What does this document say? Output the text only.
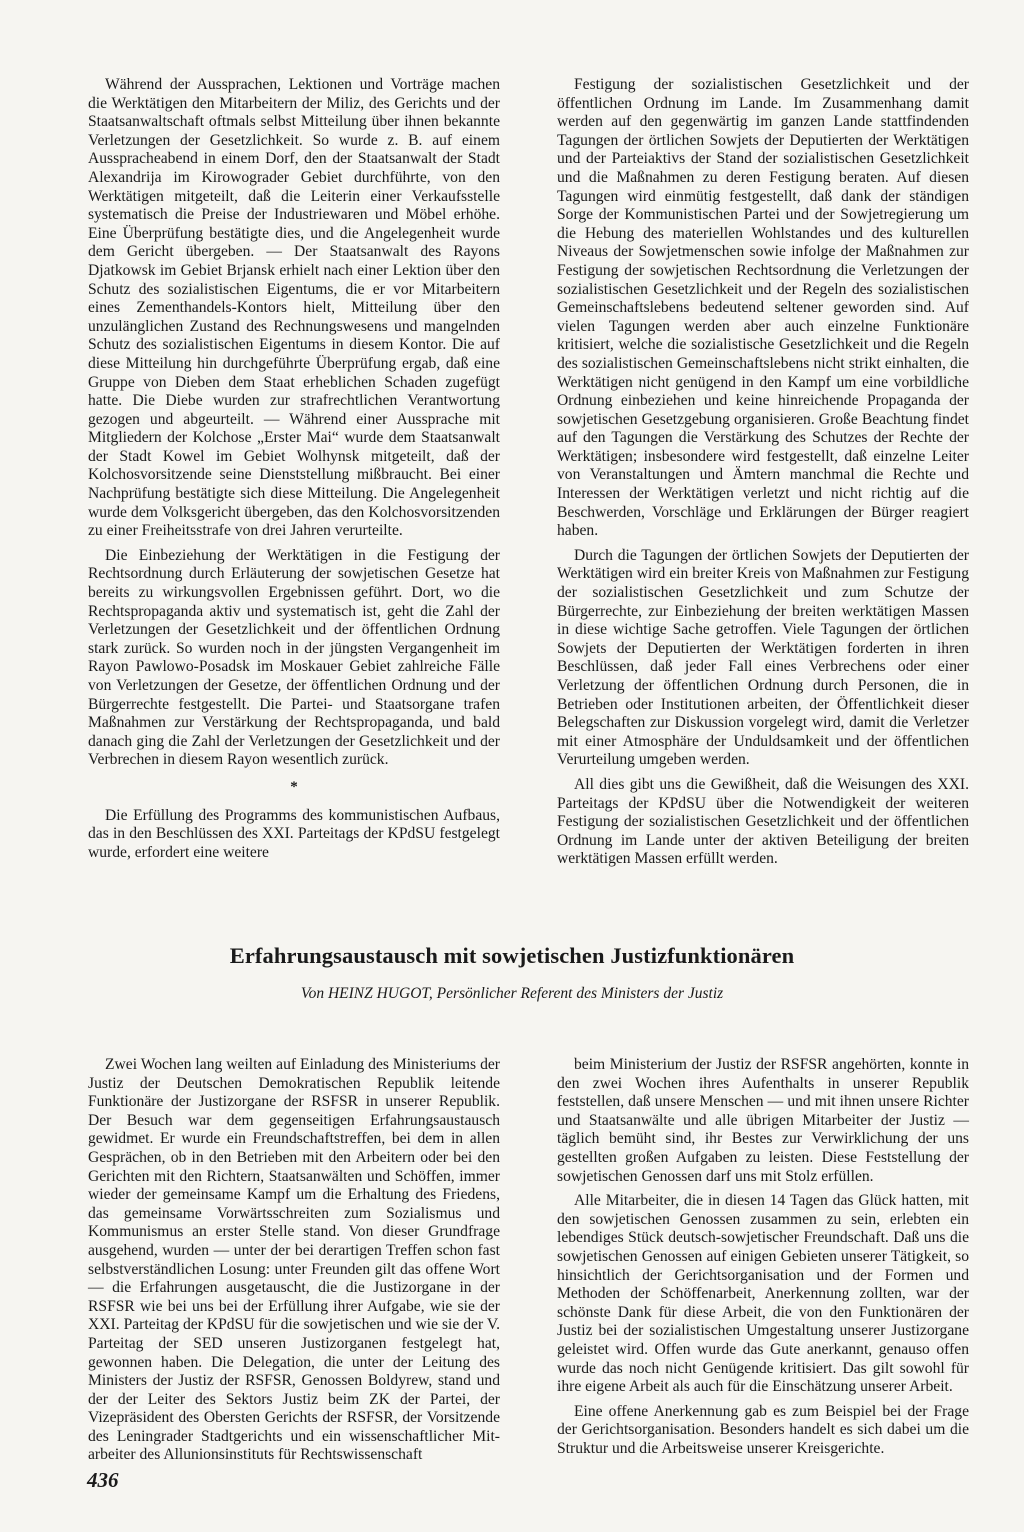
Während der Aussprachen, Lektionen und Vorträge machen die Werktätigen den Mitarbeitern der Miliz, des Gerichts und der Staatsanwaltschaft oftmals selbst Mitteilung über ihnen bekannte Verletzungen der Gesetzlichkeit. So wurde z. B. auf einem Ausspracheabend in einem Dorf, den der Staatsanwalt der Stadt Alexandrija im Kirowograder Gebiet durchführte, von den Werktätigen mitgeteilt, daß die Leiterin einer Verkaufsstelle systematisch die Preise der Industriewaren und Möbel erhöhe. Eine Überprüfung bestätigte dies, und die Angelegenheit wurde dem Gericht übergeben. — Der Staatsanwalt des Rayons Djatkowsk im Gebiet Brjansk erhielt nach einer Lektion über den Schutz des sozialistischen Eigentums, die er vor Mitarbeitern eines Zementhandels-Kontors hielt, Mitteilung über den unzulänglichen Zustand des Rechnungswesens und mangelnden Schutz des sozialistischen Eigentums in diesem Kontor. Die auf diese Mitteilung hin durchgeführte Überprüfung ergab, daß eine Gruppe von Dieben dem Staat erheblichen Schaden zugefügt hatte. Die Diebe wurden zur strafrechtlichen Verantwortung gezogen und abgeurteilt. — Während einer Aussprache mit Mitgliedern der Kolchose „Erster Mai“ wurde dem Staatsanwalt der Stadt Kowel im Gebiet Wolhynsk mitgeteilt, daß der Kolchosvorsitzende seine Dienststellung mißbraucht. Bei einer Nachprüfung bestätigte sich diese Mitteilung. Die Angelegenheit wurde dem Volksgericht übergeben, das den Kolchosvorsitzenden zu einer Freiheitsstrafe von drei Jahren verurteilte.

Die Einbeziehung der Werktätigen in die Festigung der Rechtsordnung durch Erläuterung der sowjetischen Gesetze hat bereits zu wirkungsvollen Ergebnissen geführt. Dort, wo die Rechtspropaganda aktiv und systematisch ist, geht die Zahl der Verletzungen der Gesetzlichkeit und der öffentlichen Ordnung stark zurück. So wurden noch in der jüngsten Vergangenheit im Rayon Pawlowo-Posadsk im Moskauer Gebiet zahlreiche Fälle von Verletzungen der Gesetze, der öffentlichen Ordnung und der Bürgerrechte festgestellt. Die Partei- und Staatsorgane trafen Maßnahmen zur Verstärkung der Rechtspropaganda, und bald danach ging die Zahl der Verletzungen der Gesetzlichkeit und der Verbrechen in diesem Rayon wesentlich zurück.

*

Die Erfüllung des Programms des kommunistischen Aufbaus, das in den Beschlüssen des XXI. Parteitags der KPdSU festgelegt wurde, erfordert eine weitere

Festigung der sozialistischen Gesetzlichkeit und der öffentlichen Ordnung im Lande. Im Zusammenhang damit werden auf den gegenwärtig im ganzen Lande stattfindenden Tagungen der örtlichen Sowjets der Deputierten der Werktätigen und der Parteiaktivs der Stand der sozialistischen Gesetzlichkeit und die Maßnahmen zu deren Festigung beraten. Auf diesen Tagungen wird einmütig festgestellt, daß dank der ständigen Sorge der Kommunistischen Partei und der Sowjetregierung um die Hebung des materiellen Wohlstandes und des kulturellen Niveaus der Sowjetmenschen sowie infolge der Maßnahmen zur Festigung der sowjetischen Rechtsordnung die Verletzungen der sozialistischen Gesetzlichkeit und der Regeln des sozialistischen Gemeinschaftslebens bedeutend seltener geworden sind. Auf vielen Tagungen werden aber auch einzelne Funktionäre kritisiert, welche die sozialistische Gesetzlichkeit und die Regeln des sozialistischen Gemeinschaftslebens nicht strikt einhalten, die Werktätigen nicht genügend in den Kampf um eine vorbildliche Ordnung einbeziehen und keine hinreichende Propaganda der sowjetischen Gesetzgebung organisieren. Große Beachtung findet auf den Tagungen die Verstärkung des Schutzes der Rechte der Werktätigen; insbesondere wird festgestellt, daß einzelne Leiter von Veranstaltungen und Ämtern manchmal die Rechte und Interessen der Werktätigen verletzt und nicht richtig auf die Beschwerden, Vorschläge und Erklärungen der Bürger reagiert haben.

Durch die Tagungen der örtlichen Sowjets der Deputierten der Werktätigen wird ein breiter Kreis von Maßnahmen zur Festigung der sozialistischen Gesetzlichkeit und zum Schutze der Bürgerrechte, zur Einbeziehung der breiten werktätigen Massen in diese wichtige Sache getroffen. Viele Tagungen der örtlichen Sowjets der Deputierten der Werktätigen forderten in ihren Beschlüssen, daß jeder Fall eines Verbrechens oder einer Verletzung der öffentlichen Ordnung durch Personen, die in Betrieben oder Institutionen arbeiten, der Öffentlichkeit dieser Belegschaften zur Diskussion vorgelegt wird, damit die Verletzer mit einer Atmosphäre der Unduldsamkeit und der öffentlichen Verurteilung umgeben werden.

All dies gibt uns die Gewißheit, daß die Weisungen des XXI. Parteitags der KPdSU über die Notwendigkeit der weiteren Festigung der sozialistischen Gesetzlichkeit und der öffentlichen Ordnung im Lande unter der aktiven Beteiligung der breiten werktätigen Massen erfüllt werden.

Erfahrungsaustausch mit sowjetischen Justizfunktionären
Von HEINZ HUGOT, Persönlicher Referent des Ministers der Justiz

Zwei Wochen lang weilten auf Einladung des Ministeriums der Justiz der Deutschen Demokratischen Republik leitende Funktionäre der Justizorgane der RSFSR in unserer Republik. Der Besuch war dem gegenseitigen Erfahrungsaustausch gewidmet. Er wurde ein Freundschaftstreffen, bei dem in allen Gesprächen, ob in den Betrieben mit den Arbeitern oder bei den Gerichten mit den Richtern, Staatsanwälten und Schöffen, immer wieder der gemeinsame Kampf um die Erhaltung des Friedens, das gemeinsame Vorwärtsschreiten zum Sozialismus und Kommunismus an erster Stelle stand. Von dieser Grundfrage ausgehend, wurden — unter der bei derartigen Treffen schon fast selbstverständlichen Losung: unter Freunden gilt das offene Wort — die Erfahrungen ausgetauscht, die die Justizorgane in der RSFSR wie bei uns bei der Erfüllung ihrer Aufgabe, wie sie der XXI. Parteitag der KPdSU für die sowjetischen und wie sie der V. Parteitag der SED unseren Justizorganen festgelegt hat, gewonnen haben. Die Delegation, die unter der Leitung des Ministers der Justiz der RSFSR, Genossen Boldyrew, stand und der der Leiter des Sektors Justiz beim ZK der Partei, der Vizepräsident des Obersten Gerichts der RSFSR, der Vorsitzende des Leningrader Stadtgerichts und ein wissenschaftlicher Mitarbeiter des Allunionsinstituts für Rechtswissenschaft

beim Ministerium der Justiz der RSFSR angehörten, konnte in den zwei Wochen ihres Aufenthalts in unserer Republik feststellen, daß unsere Menschen — und mit ihnen unsere Richter und Staatsanwälte und alle übrigen Mitarbeiter der Justiz — täglich bemüht sind, ihr Bestes zur Verwirklichung der uns gestellten großen Aufgaben zu leisten. Diese Feststellung der sowjetischen Genossen darf uns mit Stolz erfüllen.

Alle Mitarbeiter, die in diesen 14 Tagen das Glück hatten, mit den sowjetischen Genossen zusammen zu sein, erlebten ein lebendiges Stück deutsch-sowjetischer Freundschaft. Daß uns die sowjetischen Genossen auf einigen Gebieten unserer Tätigkeit, so hinsichtlich der Gerichtsorganisation und der Formen und Methoden der Schöffenarbeit, Anerkennung zollten, war der schönste Dank für diese Arbeit, die von den Funktionären der Justiz bei der sozialistischen Umgestaltung unserer Justizorgane geleistet wird. Offen wurde das Gute anerkannt, genauso offen wurde das noch nicht Genügende kritisiert. Das gilt sowohl für ihre eigene Arbeit als auch für die Einschätzung unserer Arbeit.

Eine offene Anerkennung gab es zum Beispiel bei der Frage der Gerichtsorganisation. Besonders handelt es sich dabei um die Struktur und die Arbeitsweise unserer Kreisgerichte.

436
